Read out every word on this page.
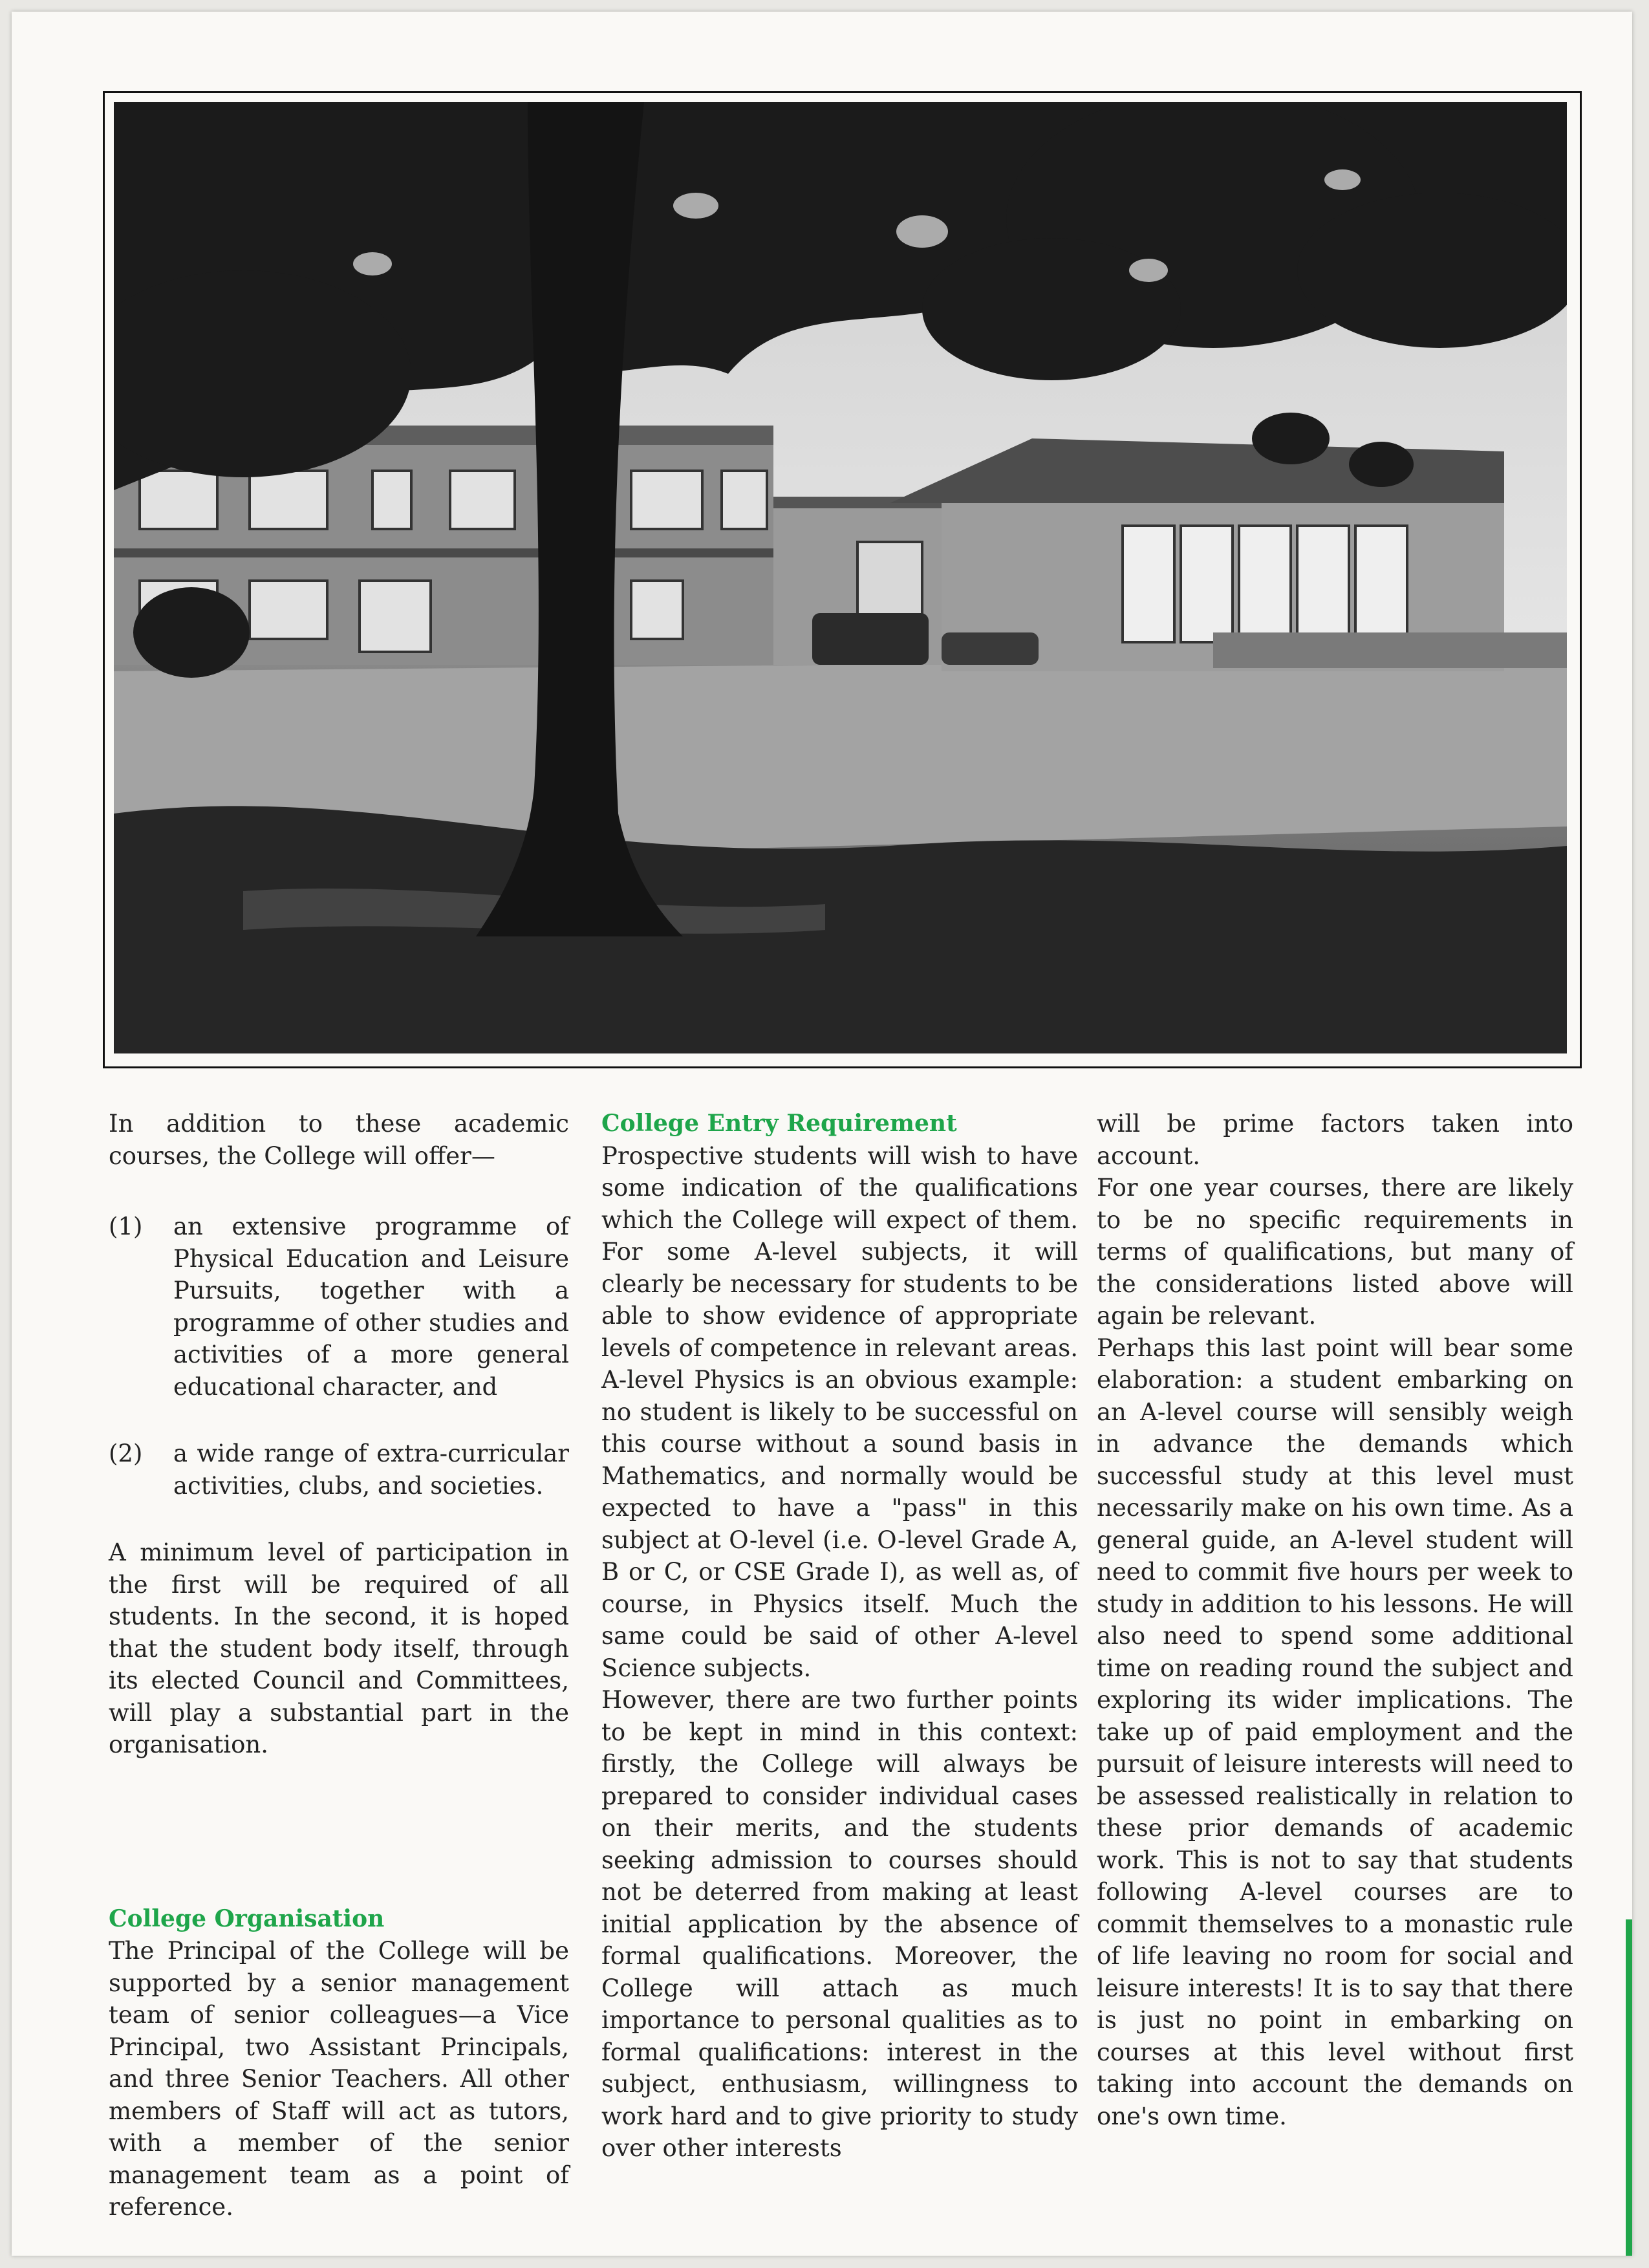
In addition to these academic courses, the College will offer—

(1)	an extensive programme of Physical Education and Leisure Pursuits, together with a programme of other studies and activities of a more general educational character, and
(2)	a wide range of extra-curricular activities, clubs, and societies.

A minimum level of participation in the first will be required of all students. In the second, it is hoped that the student body itself, through its elected Council and Committees, will play a substantial part in the organisation.

College Organisation

The Principal of the College will be supported by a senior management team of senior colleagues—a Vice Principal, two Assistant Principals, and three Senior Teachers. All other members of Staff will act as tutors, with a member of the senior management team as a point of reference.

College Entry Requirement

Prospective students will wish to have some indication of the qualifications which the College will expect of them. For some A-level subjects, it will clearly be necessary for students to be able to show evidence of appropriate levels of competence in relevant areas. A-level Physics is an obvious example: no student is likely to be successful on this course without a sound basis in Mathematics, and normally would be expected to have a "pass" in this subject at O-level (i.e. O-level Grade A, B or C, or CSE Grade I), as well as, of course, in Physics itself. Much the same could be said of other A-level Science subjects.

However, there are two further points to be kept in mind in this context: firstly, the College will always be prepared to consider individual cases on their merits, and the students seeking admission to courses should not be deterred from making at least initial application by the absence of formal qualifications. Moreover, the College will attach as much importance to personal qualities as to formal qualifications: interest in the subject, enthusiasm, willingness to work hard and to give priority to study over other interests

will be prime factors taken into account.

For one year courses, there are likely to be no specific requirements in terms of qualifications, but many of the considerations listed above will again be relevant.

Perhaps this last point will bear some elaboration: a student embarking on an A-level course will sensibly weigh in advance the demands which successful study at this level must necessarily make on his own time. As a general guide, an A-level student will need to commit five hours per week to study in addition to his lessons. He will also need to spend some additional time on reading round the subject and exploring its wider implications. The take up of paid employment and the pursuit of leisure interests will need to be assessed realistically in relation to these prior demands of academic work. This is not to say that students following A-level courses are to commit themselves to a monastic rule of life leaving no room for social and leisure interests! It is to say that there is just no point in embarking on courses at this level without first taking into account the demands on one's own time.
